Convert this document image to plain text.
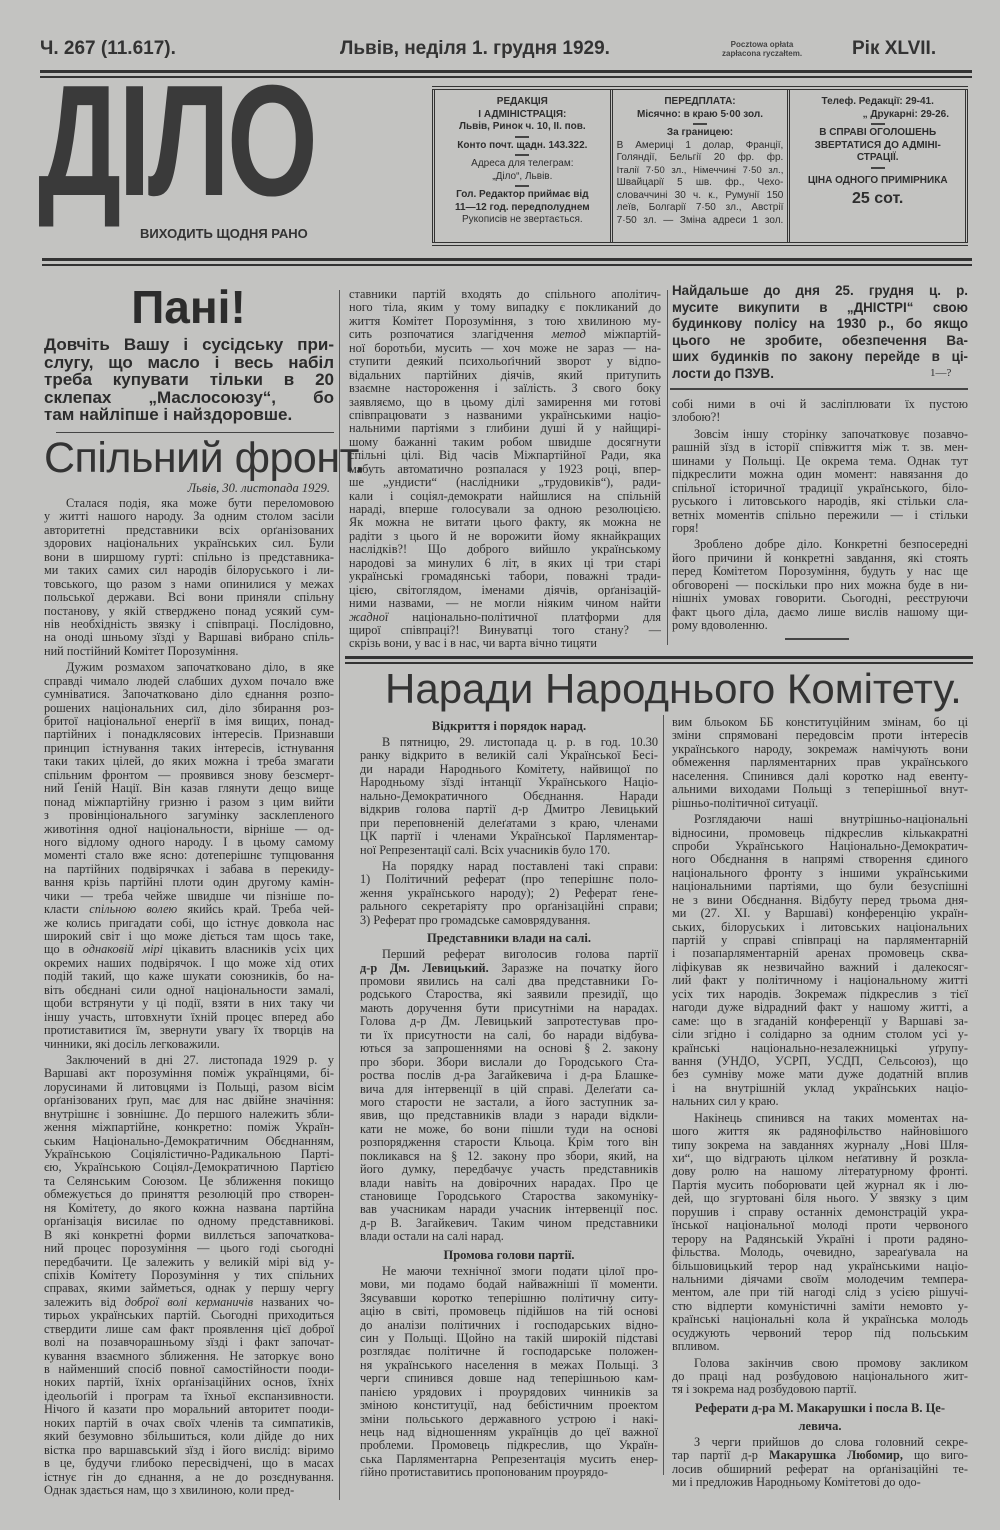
Ч. 267 (11.617).	Львів, неділя 1. грудня 1929.	Pocztowa opłata
zapłacona ryczałtem.	Рік XLVII.
ДІЛО
ВИХОДИТЬ ЩОДНЯ РАНО
РЕДАКЦІЯ
І АДМІНІСТРАЦІЯ:
Львів, Ринок ч. 10, II. пов.
Конто почт. щадн. 143.322.
Адреса для телеграм:
„Діло“, Львів.
Гол. Редактор приймає від
11—12 год. передполуднем
Рукописів не звертається.
ПЕРЕДПЛАТА:
Місячно: в краю 5·00 зол.
За границею:
В Америці 1 долар, Франції,
Голяндії, Бельгії 20 фр. фр.
Італії 7·50 зл., Німеччині 7·50 зл.,
Швайцарії 5 шв. фр., Чехо-
словаччині 30 ч. к., Румунії 150
леїв, Болгарії 7·50 зл., Австрії
7·50 зл. — Зміна адреси 1 зол.
Телеф. Редакції: 29-41.
„ Друкарні: 29-26.
В СПРАВІ ОГОЛОШЕНЬ
ЗВЕРТАТИСЯ ДО АДМІНІ-
СТРАЦІЇ.
ЦІНА ОДНОГО ПРИМІРНИКА
25 сот.
Пані!
Довчіть Вашу і сусідську при-
слугу, що масло і весь набіл
треба купувати тільки в 20
склепах „Маслосоюзу“, бо
там найліпше і найздоровше.
Спільний фронт.
Львів, 30. листопада 1929.
Сталася подія, яка може бути переломовою
у житті нашого народу. За одним столом засіли
авторитетні представники всіх орґанізованих
здорових національних українських сил. Були
вони в ширшому гурті: спільно із представника-
ми таких самих сил народів білоруського і ли-
товського, що разом з нами опинилися у межах
польської держави. Всі вони приняли спільну
постанову, у якій ствердженo понад усякий сум-
нів необхідність звязку і співпраці. Послідовно,
на оноді шньому зїзді у Варшаві вибрано спіль-
ний постійний Комітет Порозуміння.
Дужим розмахом започатковано діло, в яке
справді чимало людей слабших духом почало вже
сумніватися. Започатковано діло єднання розпо-
рошених національних сил, діло збирання роз-
бритої національної енерґії в імя вищих, понад-
партійних і понадклясових інтересів. Признавши
принцип істнування таких інтересів, істнування
таки таких цілей, до яких можна і треба змагати
спільним фронтом — проявився знову безсмерт-
ний Ґеній Нації. Він казав глянути дещо вище
понад міжпартійну гризню і разом з цим вийти
з провінціонального загумінку засклепленого
животіння одної національности, вірніше — од-
ного відлому одного народу. І в цьому самому
моменті стало вже ясно: дотеперішнє тупцювання
на партійних подвірячках і забава в перекиду-
вання крізь партійні плоти один другому камін-
чики — треба чейже швидше чи пізніше по-
класти спільною волею якийсь край. Треба чей-
же колись пригадати собі, що істнує довкола нас
широкий світ і що може діється там щось таке,
що в однаковій мірі цікавить власників усіх цих
окремих наших подвірячок. І що може хід отих
подій такий, що каже шукати союзників, бо на-
віть обєднані сили одної національности замалі,
щоби встрянути у ці події, взяти в них таку чи
іншу участь, штовхнути їхній процес вперед або
протиставитися їм, звернути увагу їх творців на
чинники, які досіль легковажили.
Заключений в дні 27. листопада 1929 р. у
Варшаві акт порозуміння поміж українцями, бі-
лорусинами й литовцями із Польщі, разом вісім
орґанізованих ґруп, має для нас двійне значіння:
внутрішнє і зовнішнє. До першого належить збли-
ження міжпартійне, конкретно: поміж Україн-
ським Національно-Демократичним Обєднанням,
Українською Соціялістично-Радикальною Парті-
єю, Українською Соціял-Демократичною Партією
та Селянським Союзом. Це зближення покищо
обмежується до приняття резолюцій про створен-
ня Комітету, до якого кожна названа партійна
орґанізація висилає по одному представникові.
В які конкретні форми виллється започаткова-
ний процес порозуміння — цього годі сьогодні
передбачити. Це залежить у великій мірі від у-
спіхів Комітету Порозуміння у тих спільних
справах, якими займеться, однак у першу чергу
залежить від доброї волі керманичів названих чо-
тирьох українських партій. Сьогодні приходиться
ствердити лише сам факт проявлення цієї доброї
волі на позавчорашньому зїзді і факт започат-
кування взаємного зближення. Не заторкує воно
в найменший спосіб повної самостійности пооди-
ноких партій, їхніх орґанізаційних основ, їхніх
ідеольоґій і програм та їхньої експанзивности.
Нічого й казати про моральний авторитет пооди-
ноких партій в очах своїх членів та симпатиків,
який безумовно збільшиться, коли дійде до них
вістка про варшавський зїзд і його вислід: віримо
в це, будучи глибоко пересвідчені, що в масах
істнує гін до єднання, а не до розєднування.
Однак здається нам, що з хвилиною, коли пред-
ставники партій входять до спільного аполітич-
ного тіла, яким у тому випадку є покликаний до
життя Комітет Порозуміння, з тою хвилиною му-
сить розпочатися злагідчення метод міжпартій-
ної боротьби, мусить — хоч може не зараз — на-
ступити деякий психольоґічний зворот у відпо-
відальних партійних діячів, який притупить
взаємне настороження і заїлість. З свого боку
заявляємо, що в цьому ділі замирення ми готові
співпрацювати з названими українськими націо-
нальними партіями з глибини душі й у найщирі-
шому бажанні таким робом швидше досягнути
спільні цілі. Від часів Міжпартійної Ради, яка
мабуть автоматично розпалася у 1923 році, впер-
ше „ундисти“ (наслідники „трудовиків“), ради-
кали і соціял-демократи найшлися на спільній
нараді, вперше голосували за одною резолюцією.
Як можна не витати цього факту, як можна не
радіти з цього й не ворожити йому якнайкращих
наслідків?! Що доброго вийшло українському
народові за минулих 6 літ, в яких ці три старі
українські громадянські табори, поважні тради-
цією, світоглядом, іменами діячів, орґанізацій-
ними назвами, — не могли ніяким чином найти
жадної національно-політичної платформи для
щирої співпраці?! Винуватці того стану? —
скрізь вони, у вас і в нас, чи варта вічно тицяти
Найдальше до дня 25. грудня ц. р.
мусите викупити в „ДНІСТРІ“ свою
будинкову полісу на 1930 р., бо якщо
цього не зробите, обезпечення Ва-
ших будинків по закону перейде в ці-
лости до ПЗУВ.	1—?
собі ними в очі й засліплювати їх пустою
злобою?!
Зовсім іншу сторінку започатковує позавчо-
рашній зїзд в історії співжиття між т. зв. мен-
шинами у Польщі. Це окрема тема. Однак тут
підкреслити можна один момент: навязання до
спільної історичної традиції українського, біло-
руського і литовського народів, які стільки сла-
ветніх моментів спільно пережили — і стільки
горя!
Зроблено добре діло. Конкретні безпосередні
його причини й конкретні завдання, які стоять
перед Комітетом Порозуміння, будуть у нас ще
обговорені — поскільки про них можна буде в ни-
нішніх умовах говорити. Сьогодні, реєструючи
факт цього діла, даємо лише вислів нашому щи-
рому вдоволенню.
Наради Народнього Комітету.
Відкриття і порядок нарад.
В пятницю, 29. листопада ц. р. в год. 10.30
ранку відкрито в великій салі Української Бесі-
ди наради Народнього Комітету, найвищої по
Народньому зїзді інтанції Українського Націо-
нально-Демократичного Обєднання. Наради
відкрив голова партії д-р Дмитро Левицький
при переповненій делеґатами з краю, членами
ЦК партії і членами Української Парляментар-
ної Репрезентації салі. Всіх учасників було 170.
На порядку нарад поставлені такі справи:
1) Політичний реферат (про теперішнє поло-
ження українського народу); 2) Реферат ґене-
рального секретаріяту про орґанізаційні справи;
3) Реферат про громадське самоврядування.
Представники влади на салі.
Перший реферат виголосив голова партії
д-р Дм. Левицький. Заразже на початку його
промови явились на салі два представники Го-
родського Староства, які заявили президії, що
мають доручення бути присутніми на нарадах.
Голова д-р Дм. Левицький запротестував про-
ти їх присутности на салі, бо наради відбува-
ються за запрошеннями на основі § 2. закону
про збори. Збори вислали до Городського Ста-
роства послів д-ра Загайкевича і д-ра Блашке-
вича для інтервенції в цій справі. Делеґати са-
мого старости не застали, а його заступник за-
явив, що представників влади з наради відкли-
кати не може, бо вони пішли туди на основі
розпорядження старости Кльоца. Крім того він
покликався на § 12. закону про збори, який, на
його думку, передбачує участь представників
влади навіть на довірочних нарадах. Про це
становище Городського Староства закомуніку-
вав учасникам наради учасник інтервенції пос.
д-р В. Загайкевич. Таким чином представники
влади остали на салі нарад.
Промова голови партії.
Не маючи технічної змоги подати цілої про-
мови, ми подамо бодай найважніші її моменти.
Зясувавши коротко теперішню політичну ситу-
ацію в світі, промовець підійшов на тій основі
до аналізи політичних і господарських відно-
син у Польщі. Щойно на такій широкій підставі
розглядає політичне й господарське положен-
ня українського населення в межах Польщі. З
черги спинився довше над теперішньою кам-
панією урядових і проурядових чинників за
зміною конституції, над бебістичним проектом
зміни польського державного устрою і накі-
нець над відношенням українців до цеї важної
проблеми. Промовець підкреслив, що Україн-
ська Парляментарна Репрезентація мусить енер-
ґійно протиставитись пропонованим проурядо-
вим бльоком ББ конституційним змінам, бо ці
зміни спрямовані передовсім проти інтересів
українського народу, зокремаж намічують вони
обмеження парляментарних прав українського
населення. Спинився далі коротко над евенту-
альними виходами Польщі з теперішньої внут-
рішньо-політичної ситуації.
Розглядаючи наші внутрішньо-національні
відносини, промовець підкреслив кількакратні
спроби Українського Національно-Демократич-
ного Обєднання в напрямі створення єдиного
національного фронту з іншими українськими
національними партіями, що були безуспішні
не з вини Обєднання. Відбуту перед трьома дня-
ми (27. XI. у Варшаві) конференцію україн-
ських, білоруських і литовських національних
партій у справі співпраці на парляментарній
і позапарляментарній аренах промовець сква-
ліфікував як незвичайно важний і далекосяг-
лий факт у політичному і національному житті
усіх тих народів. Зокремаж підкреслив з тієї
нагоди дуже відрадний факт у нашому житті, а
саме: що в згаданій конференції у Варшаві за-
сіли згідно і солідарно за одним столом усі у-
країнські національно-незалежницькі уґрупу-
вання (УНДО, УСРП, УСДП, Сельсоюз), що
без сумніву може мати дуже додатній вплив
і на внутрішній уклад українських націо-
нальних сил у краю.
Накінець спинився на таких моментах на-
шого життя як радянофільство найновішого
типу зокрема на завданнях журналу „Нові Шля-
хи“, що відграють цілком неґативну й розкла-
дову ролю на нашому літературному фронті.
Партія мусить поборювати цей журнал як і лю-
дей, що згуртовані біля нього. У звязку з цим
порушив і справу останніх демонстрацій укра-
їнської національної молоді проти червоного
терору на Радянській Україні і проти радяно-
фільства. Молодь, очевидно, зареаґувала на
більшовицький терор над українськими націо-
нальними діячами своїм молодечим темпера-
ментом, але при тій нагоді слід з усією рішучі-
стю відперти комуністичні заміти немовто у-
країнські національні кола й українська молодь
осуджують червоний терор під польським
впливом.
Голова закінчив свою промову закликом
до праці над розбудовою національного жит-
тя і зокрема над розбудовою партії.
Реферати д-ра М. Макарушки і посла В. Це-
левича.
З черги прийшов до слова головний секре-
тар партії д-р Макарушка Любомир, що виго-
лосив обширний реферат на орґанізаційні те-
ми і предложив Народньому Комітетові до одо-
